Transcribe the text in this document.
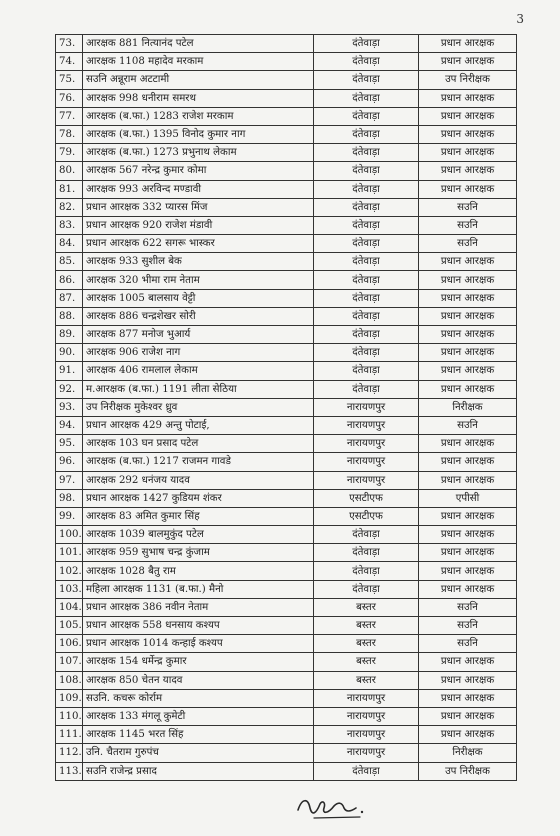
3
73.	आरक्षक 881 नित्यानंद पटेल	दंतेवाड़ा	प्रधान आरक्षक
74.	आरक्षक 1108 महादेव मरकाम	दंतेवाड़ा	प्रधान आरक्षक
75.	सउनि अन्नूराम अटटामी	दंतेवाड़ा	उप निरीक्षक
76.	आरक्षक 998 धनीराम समरथ	दंतेवाड़ा	प्रधान आरक्षक
77.	आरक्षक (ब.फा.) 1283 राजेश मरकाम	दंतेवाड़ा	प्रधान आरक्षक
78.	आरक्षक (ब.फा.) 1395 विनोद कुमार नाग	दंतेवाड़ा	प्रधान आरक्षक
79.	आरक्षक (ब.फा.) 1273 प्रभुनाथ लेकाम	दंतेवाड़ा	प्रधान आरक्षक
80.	आरक्षक 567 नरेन्द्र कुमार कोमा	दंतेवाड़ा	प्रधान आरक्षक
81.	आरक्षक 993 अरविन्द मण्डावी	दंतेवाड़ा	प्रधान आरक्षक
82.	प्रधान आरक्षक 332 प्यारस मिंज	दंतेवाड़ा	सउनि
83.	प्रधान आरक्षक 920 राजेश मंडावी	दंतेवाड़ा	सउनि
84.	प्रधान आरक्षक 622 सगरू भास्कर	दंतेवाड़ा	सउनि
85.	आरक्षक 933 सुशील बेक	दंतेवाड़ा	प्रधान आरक्षक
86.	आरक्षक 320 भीमा राम नेताम	दंतेवाड़ा	प्रधान आरक्षक
87.	आरक्षक 1005 बालसाय वेट्टी	दंतेवाड़ा	प्रधान आरक्षक
88.	आरक्षक 886 चन्द्रशेखर सोरी	दंतेवाड़ा	प्रधान आरक्षक
89.	आरक्षक 877 मनोज भुआर्य	दंतेवाड़ा	प्रधान आरक्षक
90.	आरक्षक 906 राजेश नाग	दंतेवाड़ा	प्रधान आरक्षक
91.	आरक्षक 406 रामलाल लेकाम	दंतेवाड़ा	प्रधान आरक्षक
92.	म.आरक्षक (ब.फा.) 1191 लीता सेठिया	दंतेवाड़ा	प्रधान आरक्षक
93.	उप निरीक्षक मुकेश्वर ध्रुव	नारायणपुर	निरीक्षक
94.	प्रधान आरक्षक 429 अन्तु पोटाई,	नारायणपुर	सउनि
95.	आरक्षक 103 घन प्रसाद पटेल	नारायणपुर	प्रधान आरक्षक
96.	आरक्षक (ब.फा.) 1217 राजमन गावडे	नारायणपुर	प्रधान आरक्षक
97.	आरक्षक 292 धनंजय यादव	नारायणपुर	प्रधान आरक्षक
98.	प्रधान आरक्षक 1427 कुडियम शंकर	एसटीएफ	एपीसी
99.	आरक्षक 83 अमित कुमार सिंह	एसटीएफ	प्रधान आरक्षक
100.	आरक्षक 1039 बालमुकुंद पटेल	दंतेवाड़ा	प्रधान आरक्षक
101.	आरक्षक 959 सुभाष चन्द्र कुंजाम	दंतेवाड़ा	प्रधान आरक्षक
102.	आरक्षक 1028 बैतु राम	दंतेवाड़ा	प्रधान आरक्षक
103.	महिला आरक्षक 1131 (ब.फा.) मैनो	दंतेवाड़ा	प्रधान आरक्षक
104.	प्रधान आरक्षक 386 नवीन नेताम	बस्तर	सउनि
105.	प्रधान आरक्षक 558 धनसाय कश्यप	बस्तर	सउनि
106.	प्रधान आरक्षक 1014 कन्हाई कश्यप	बस्तर	सउनि
107.	आरक्षक 154 धर्मेन्द्र कुमार	बस्तर	प्रधान आरक्षक
108.	आरक्षक 850 चेतन यादव	बस्तर	प्रधान आरक्षक
109.	सउनि. कचरू कोर्राम	नारायणपुर	प्रधान आरक्षक
110.	आरक्षक 133 मंगलू कुमेटी	नारायणपुर	प्रधान आरक्षक
111.	आरक्षक 1145 भरत सिंह	नारायणपुर	प्रधान आरक्षक
112.	उनि. चैतराम गुरुपंच	नारायणपुर	निरीक्षक
113.	सउनि राजेन्द्र प्रसाद	दंतेवाड़ा	उप निरीक्षक
